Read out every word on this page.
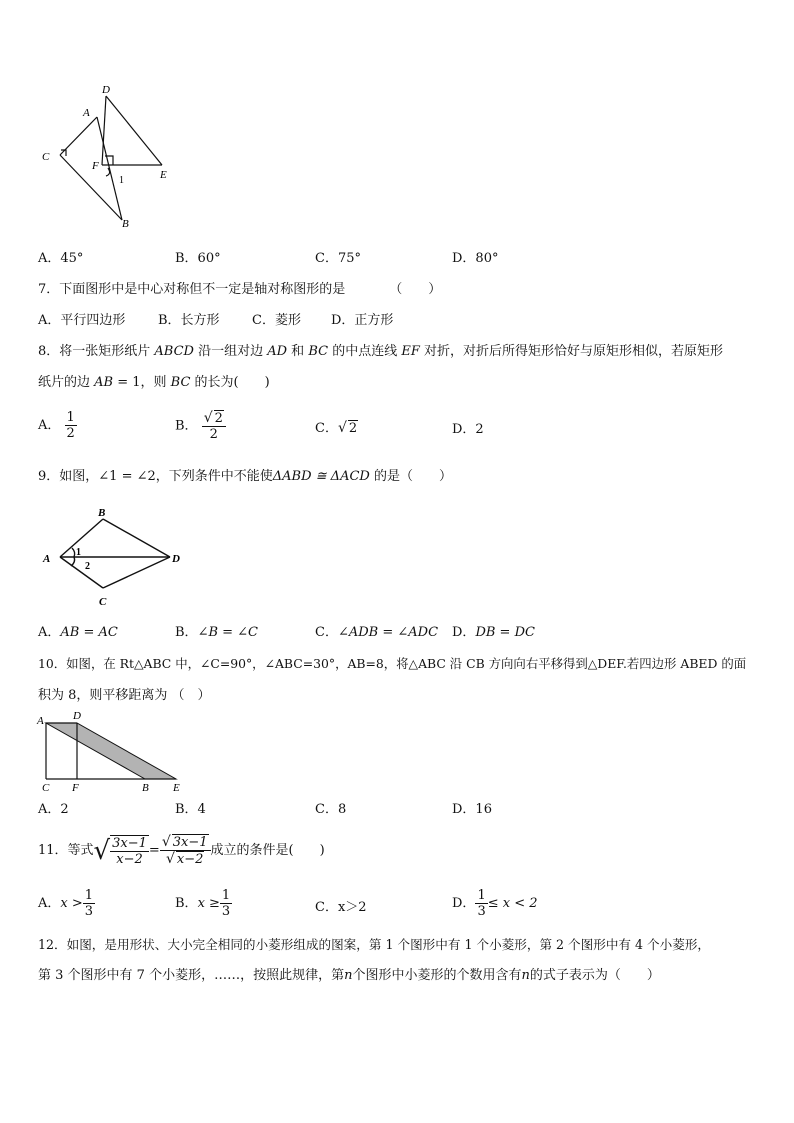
C
A
D
F
E
B
1
A．45°	B．60°	C．75°	D．80°
7．下面图形中是中心对称但不一定是轴对称图形的是	（　　）
A．平行四边形	B．长方形 C．菱形 D．正方形
8．将一张矩形纸片 ABCD 沿一组对边 AD 和 BC 的中点连线 EF 对折，对折后所得矩形恰好与原矩形相似，若原矩形
纸片的边 AB = 1，则 BC 的长为(　　)
A． $\frac{1}{2}$	B． $\frac{√ 2}{2}$	C．√ 2	D．2
9．如图，∠1 = ∠2，下列条件中不能使ΔABD ≅ ΔACD 的是（　　）
A
B
D
C
1
2
A．AB = AC	B．∠B = ∠C	C．∠ADB = ∠ADC D．DB = DC
10．如图，在 Rt△ABC 中，∠C=90°，∠ABC=30°，AB=8，将△ABC 沿 CB 方向向右平移得到△DEF.若四边形 ABED 的面
积为 8，则平移距离为 （　）
A	D
C F	B E
A．2	B．4	C．8	D．16
11．等式 √ $\frac{3x-1}{x-2} = \frac{√ 3x-1}{√ x-2}$ 成立的条件是(　　)
A． $x > \frac{1}{3}$	B． $x \ge \frac{1}{3}$	C．x＞2	D． $\frac{1}{3} \le x < 2$
12．如图，是用形状、大小完全相同的小菱形组成的图案，第 1 个图形中有 1 个小菱形，第 2 个图形中有 4 个小菱形，
第 3 个图形中有 7 个小菱形，……，按照此规律，第n个图形中小菱形的个数用含有n的式子表示为（　　）
